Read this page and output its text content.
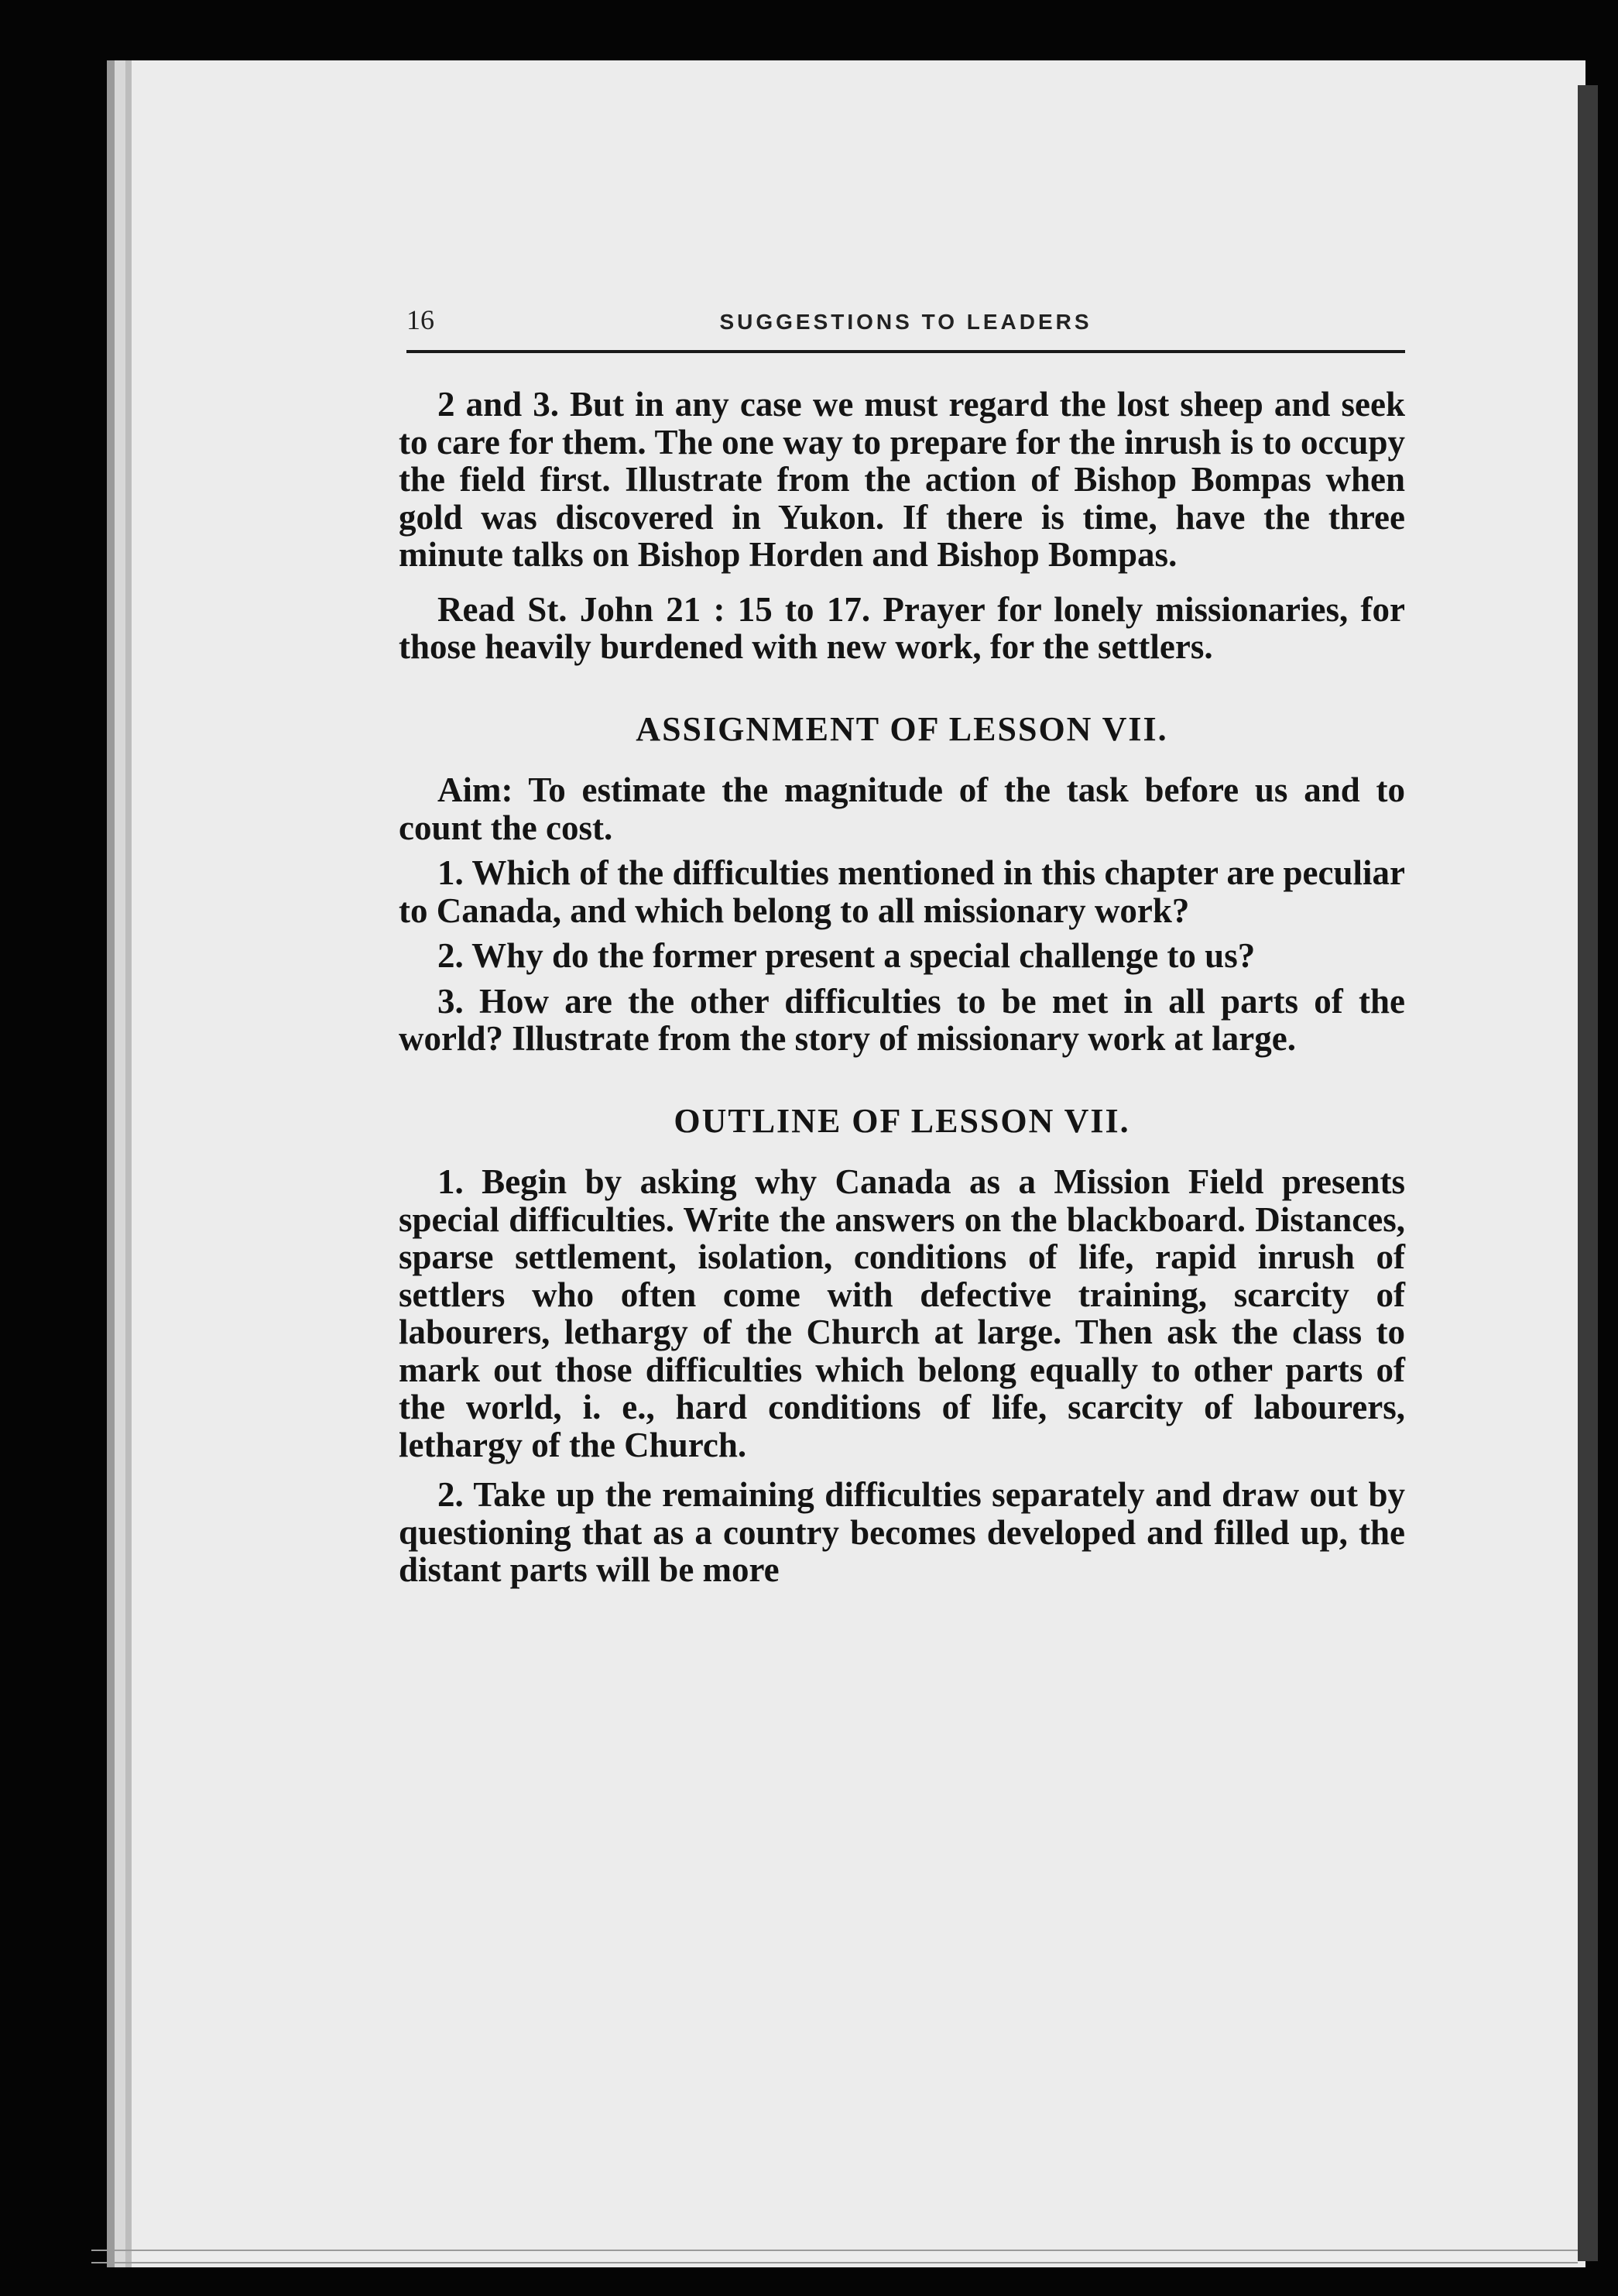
16	SUGGESTIONS TO LEADERS

2 and 3. But in any case we must regard the lost sheep and seek to care for them. The one way to prepare for the inrush is to occupy the field first. Illustrate from the action of Bishop Bompas when gold was discovered in Yukon. If there is time, have the three minute talks on Bishop Horden and Bishop Bompas.

Read St. John 21 : 15 to 17. Prayer for lonely missionaries, for those heavily burdened with new work, for the settlers.

ASSIGNMENT OF LESSON VII.

Aim: To estimate the magnitude of the task before us and to count the cost.

1. Which of the difficulties mentioned in this chapter are peculiar to Canada, and which belong to all missionary work?

2. Why do the former present a special challenge to us?

3. How are the other difficulties to be met in all parts of the world? Illustrate from the story of missionary work at large.

OUTLINE OF LESSON VII.

1. Begin by asking why Canada as a Mission Field presents special difficulties. Write the answers on the blackboard. Distances, sparse settlement, isolation, conditions of life, rapid inrush of settlers who often come with defective training, scarcity of labourers, lethargy of the Church at large. Then ask the class to mark out those difficulties which belong equally to other parts of the world, i. e., hard conditions of life, scarcity of labourers, lethargy of the Church.

2. Take up the remaining difficulties separately and draw out by questioning that as a country becomes developed and filled up, the distant parts will be more
